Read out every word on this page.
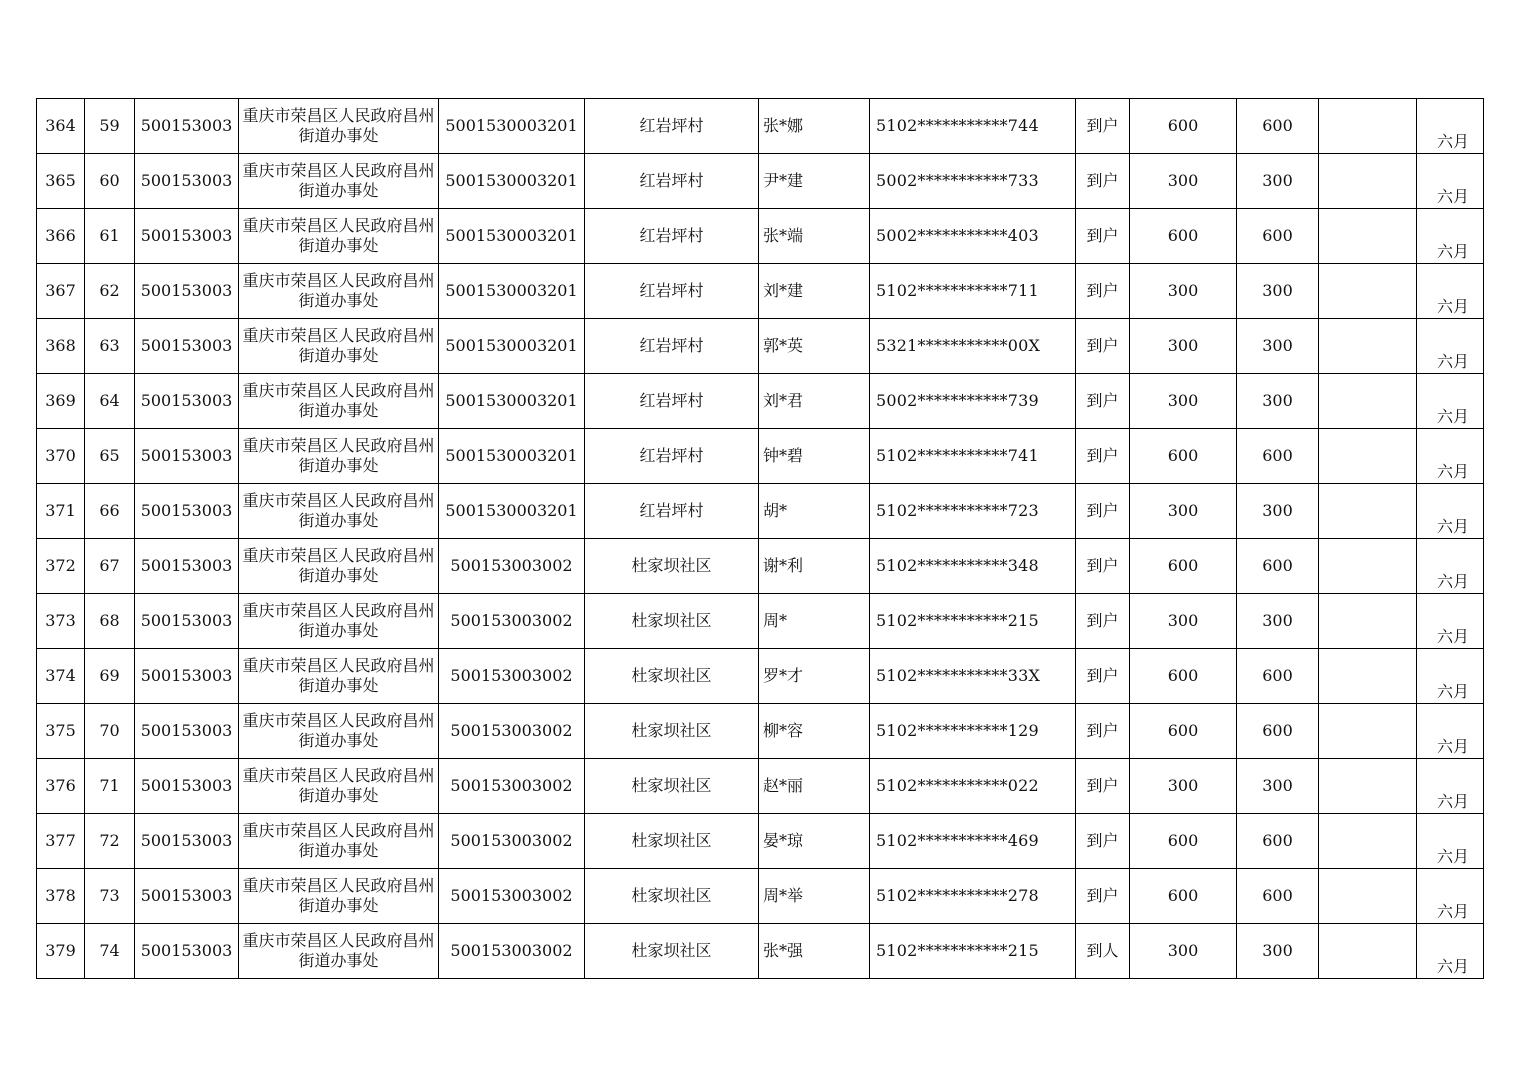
364	59	500153003	重庆市荣昌区人民政府昌州街道办事处	5001530003201	红岩坪村	张*娜	5102***********744	到户	600	600		六月
365	60	500153003	重庆市荣昌区人民政府昌州街道办事处	5001530003201	红岩坪村	尹*建	5002***********733	到户	300	300		六月
366	61	500153003	重庆市荣昌区人民政府昌州街道办事处	5001530003201	红岩坪村	张*端	5002***********403	到户	600	600		六月
367	62	500153003	重庆市荣昌区人民政府昌州街道办事处	5001530003201	红岩坪村	刘*建	5102***********711	到户	300	300		六月
368	63	500153003	重庆市荣昌区人民政府昌州街道办事处	5001530003201	红岩坪村	郭*英	5321***********00X	到户	300	300		六月
369	64	500153003	重庆市荣昌区人民政府昌州街道办事处	5001530003201	红岩坪村	刘*君	5002***********739	到户	300	300		六月
370	65	500153003	重庆市荣昌区人民政府昌州街道办事处	5001530003201	红岩坪村	钟*碧	5102***********741	到户	600	600		六月
371	66	500153003	重庆市荣昌区人民政府昌州街道办事处	5001530003201	红岩坪村	胡*	5102***********723	到户	300	300		六月
372	67	500153003	重庆市荣昌区人民政府昌州街道办事处	500153003002	杜家坝社区	谢*利	5102***********348	到户	600	600		六月
373	68	500153003	重庆市荣昌区人民政府昌州街道办事处	500153003002	杜家坝社区	周*	5102***********215	到户	300	300		六月
374	69	500153003	重庆市荣昌区人民政府昌州街道办事处	500153003002	杜家坝社区	罗*才	5102***********33X	到户	600	600		六月
375	70	500153003	重庆市荣昌区人民政府昌州街道办事处	500153003002	杜家坝社区	柳*容	5102***********129	到户	600	600		六月
376	71	500153003	重庆市荣昌区人民政府昌州街道办事处	500153003002	杜家坝社区	赵*丽	5102***********022	到户	300	300		六月
377	72	500153003	重庆市荣昌区人民政府昌州街道办事处	500153003002	杜家坝社区	晏*琼	5102***********469	到户	600	600		六月
378	73	500153003	重庆市荣昌区人民政府昌州街道办事处	500153003002	杜家坝社区	周*举	5102***********278	到户	600	600		六月
379	74	500153003	重庆市荣昌区人民政府昌州街道办事处	500153003002	杜家坝社区	张*强	5102***********215	到人	300	300		六月
